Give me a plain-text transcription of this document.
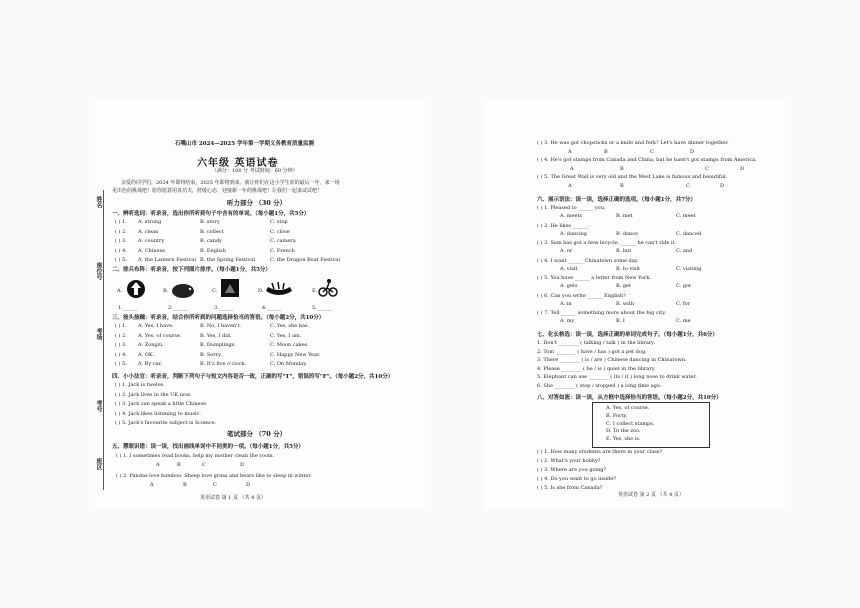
姓名
座位号
考场
考号
班区
石嘴山市 2024—2025 学年第一学期义务教育质量监测
六年级 英语试卷
（满分：100 分 考试时间：60 分钟）
亲爱的同学们，2024 年即将结束，2025 年即将到来。就让你们在这小学生涯的最后一年，来一场
更出色的挑战吧！愿你愿意用真功夫，舒缓心态，迎接新一年的挑战吧！让我们一起来试试吧！
听力部分 （30 分）
一、辨听选词：听录音，选出你所听到句子中含有的单词。（每小题1分，共5分）
( ) 1. A. strong	B. story	C. stop
( ) 2. A. clean	B. collect	C. close
( ) 3. A. country	B. candy	C. camera
( ) 4. A. Chinese	B. English	C. French
( ) 5. A. the Lantern Festival B. the Spring Festival	C. the Dragon Boat Festival
二、排兵布阵：听录音，按下列图片排序。（每小题1分，共5分）
A.	B.	C.	D.	E.
1.______	2.______	3.______	4.______	5.______
三、接头接踵：听录音，结合你所听到的问题选择恰当的答语。（每小题2分，共10分）
( ) 1. A. Yes, I have.	B. No, I haven't.	C. Yes, she has.
( ) 2. A. Yes, of course.	B. Yes, I did.	C. Yes, I am.
( ) 3. A. Zongzi.	B. Dumplings.	C. Moon cakes.
( ) 4. A. OK.	B. Sorry.	C. Happy New Year.
( ) 5. A. By car.	B. It's five o'clock.	C. On Monday.
四、小小法官：听录音，判断下列句子与短文内容是否一致，正确的写"T"，错误的写"F"。（每小题2分，共10分）
( ) 1. Jack is twelve.
( ) 2. Jack lives in the UK now.
( ) 3. Jack can speak a little Chinese.
( ) 4. Jack likes listening to music.
( ) 5. Jack's favourite subject is Science.
笔试部分 （70 分）
五、慧眼识错：读一读，找出画线单词中不同类的一项。（每小题1分，共5分）
( ) 1. I sometimes read books, help my mother clean the room.
A	B	C	D
( ) 2. Pandas love bamboo. Sheep love grass and bears like to sleep in winter.
A	B	C	D
英语试卷 第 1 页 （共 4 页）
( ) 3. He was got chopsticks or a knife and fork? Let's have dinner together.
A	B	C	D
( ) 4. He's got stamps from Canada and China, but he hasn't got stamps from America.
A	B	C	D
( ) 5. The Great Wall is very old and the West Lake is famous and beautiful.
A	B	C	D
六、展示语法：读一读，选择正确的选项。（每小题1分，共7分）
( ) 1. Pleased to ______ you.
A. meets	B. met	C. meet
( ) 2. He likes ______.
A. dancing	B. dance	C. danced
( ) 3. Sam has got a new bicycle, ______ he can't ride it.
A. or	B. but	C. and
( ) 4. I want ______ Chinatown some day.
A. visit	B. to visit	C. visiting
( ) 5. You have ______ a letter from New York.
A. gets	B. get	C. got
( ) 6. Can you write ______ English?
A. in	B. with	C. for
( ) 7. Tell ______ something more about the big city.
A. my	B. I	C. me
七、化长格选：读一读，选择正确的单词完成句子。（每小题1分，共6分）
1. Don't ________ ( talking / talk ) in the library.
2. Tom ________ ( have / has ) got a pet dog.
3. There ________ ( is / are ) Chinese dancing in Chinatown.
4. Please ________ ( be / is ) quiet in the library.
5. Elephant can use ________ ( its / it ) long nose to drink water.
6. She ________ ( stop / stopped ) a long time ago.
八、对答如流：读一读，从方框中选择恰当的答语。（每小题2分，共10分）
A. Yes, of course.
B. Forty.
C. I collect stamps.
D. To the zoo.
E. Yes, she is.
( ) 1. How many students are there in your class?
( ) 2. What's your hobby?
( ) 3. Where are you going?
( ) 4. Do you want to go inside?
( ) 5. Is she from Canada?
英语试卷 第 2 页 （共 4 页）
